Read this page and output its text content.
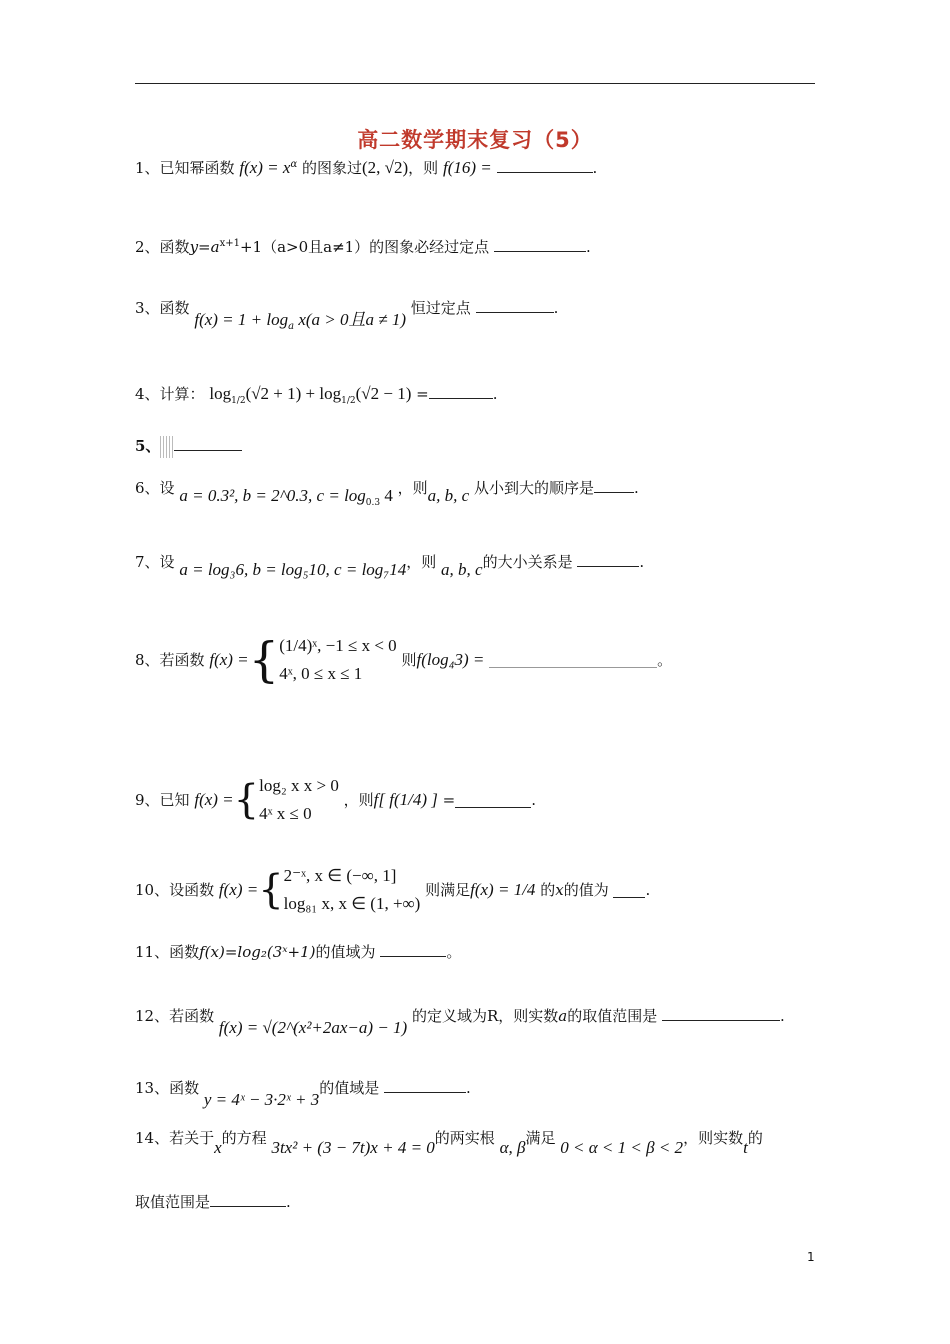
高二数学期末复习（5）
1、已知幂函数 $f(x) = x^\alpha$ 的图象过(2, √2)，则 f(16) =	.
2、函数$y=a^{x+1}+1(a>0$且a≠1）的图象必经过定点	.
3、函数 $f(x) = 1 + \log_a x(a > 0$且a ≠ 1) 恒过定点	.
4、计算： $\log_{1/2}(√2 + 1) + \log_{1/2}(√2 - 1)$ =	.
5、
6、设 a = 0.3², b = 2^0.3, $c = \log_{0.3} 4$ ，则a, b, c 从小到大的顺序是	.
7、设 a = log₃6, b = log₅10, c = log₇14，则 a, b, c的大小关系是	.
8、若函数 f(x) ={ (1/4)ˣ, −1 ≤ x < 0
4ˣ, 0 ≤ x ≤ 1
则f(log₄3) =	。
9、已知 f(x) ={ log₂ x x > 0
4ˣ x ≤ 0
，则f[ f(1/4) ] =	.
10、设函数 f(x) ={ 2⁻ˣ, x ∈ (−∞, 1]
log₈₁ x, x ∈ (1, +∞)
则满足f(x) = 1/4 的x的值为 .
11、函数f(x)=log₂(3ˣ+1)的值域为	。
12、若函数 f(x) = √(2^(x²+2ax−a) − 1) 的定义域为R，则实数a的取值范围是	.
13、函数 y = 4ˣ − 3·2ˣ + 3的值域是	.
14、若关于x的方程 3tx² + (3 − 7t)x + 4 = 0的两实根 α, β满足 0 < α < 1 < β < 2，则实数t的
取值范围是	.
1
